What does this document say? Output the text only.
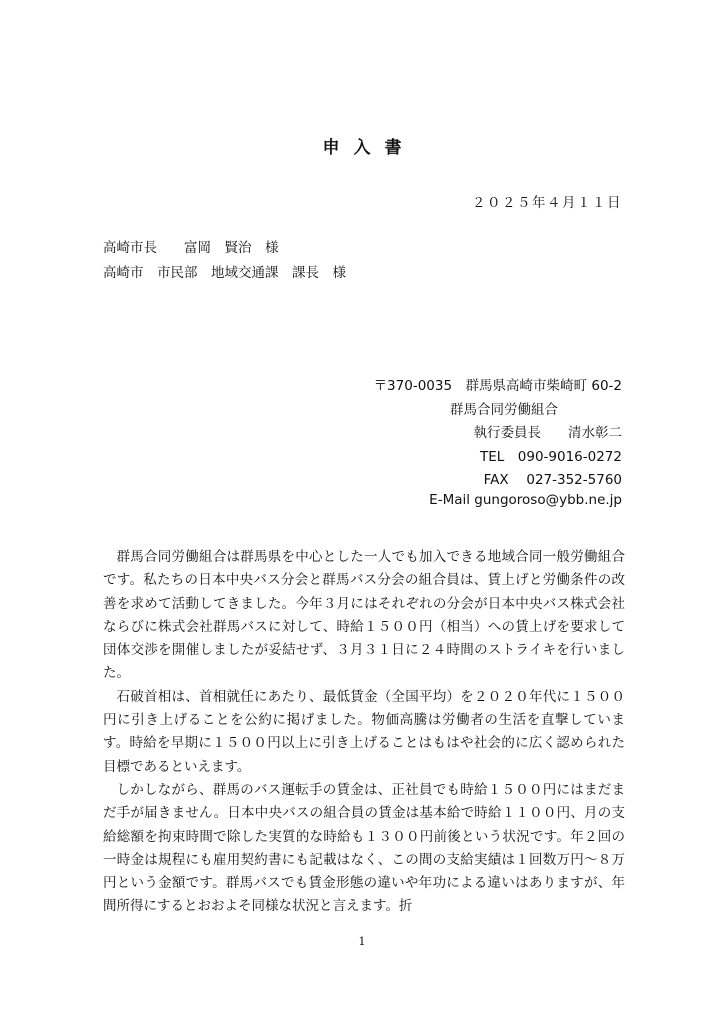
申入書
２０２５年４月１１日
高崎市長　　富岡　賢治　様
高崎市　市民部　地域交通課　課長　様
〒370-0035　群馬県高崎市柴崎町 60-2
群馬合同労働組合
執行委員長　　清水彰二
TEL　090-9016-0272
FAX　 027-352-5760
E-Mail gungoroso@ybb.ne.jp

群馬合同労働組合は群馬県を中心とした一人でも加入できる地域合同一般労働組合です。私たちの日本中央バス分会と群馬バス分会の組合員は、賃上げと労働条件の改善を求めて活動してきました。今年３月にはそれぞれの分会が日本中央バス株式会社ならびに株式会社群馬バスに対して、時給１５００円（相当）への賃上げを要求して団体交渉を開催しましたが妥結せず、３月３１日に２４時間のストライキを行いました。

石破首相は、首相就任にあたり、最低賃金（全国平均）を２０２０年代に１５００円に引き上げることを公約に掲げました。物価高騰は労働者の生活を直撃しています。時給を早期に１５００円以上に引き上げることはもはや社会的に広く認められた目標であるといえます。

しかしながら、群馬のバス運転手の賃金は、正社員でも時給１５００円にはまだまだ手が届きません。日本中央バスの組合員の賃金は基本給で時給１１００円、月の支給総額を拘束時間で除した実質的な時給も１３００円前後という状況です。年２回の一時金は規程にも雇用契約書にも記載はなく、この間の支給実績は１回数万円～８万円という金額です。群馬バスでも賃金形態の違いや年功による違いはありますが、年間所得にするとおおよそ同様な状況と言えます。折

1
